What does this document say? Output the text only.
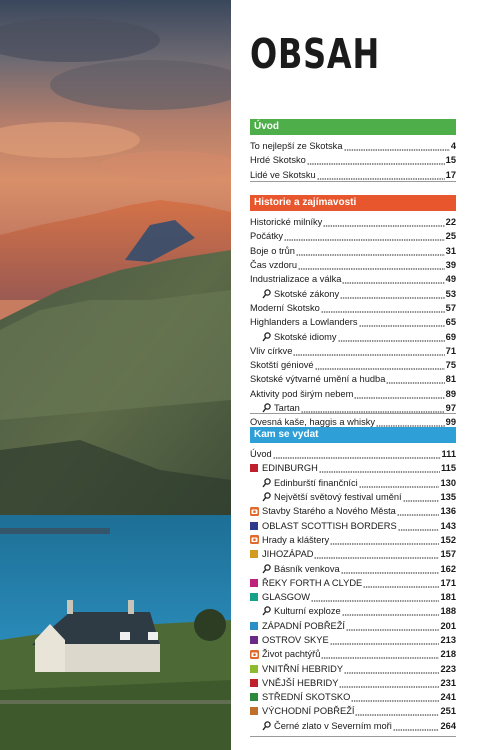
OBSAH
Úvod
To nejlepší ze Skotska	4
Hrdé Skotsko	15
Lidé ve Skotsku	17
Historie a zajímavosti
Historické milníky	22
Počátky	25
Boje o trůn	31
Čas vzdoru	39
Industrializace a válka	49
Skotské zákony	53
Moderní Skotsko	57
Highlanders a Lowlanders	65
Skotské idiomy	69
Vliv církve	71
Skotští géniové	75
Skotské výtvarné umění a hudba	81
Aktivity pod širým nebem	89
Tartan	97
Ovesná kaše, haggis a whisky	99
Kam se vydat
Úvod	111
EDINBURGH	115
Edinburští finančníci	130
Největší světový festival umění	135
Stavby Starého a Nového Města	136
OBLAST SCOTTISH BORDERS	143
Hrady a kláštery	152
JIHOZÁPAD	157
Básník venkova	162
ŘEKY FORTH A CLYDE	171
GLASGOW	181
Kulturní exploze	188
ZÁPADNÍ POBŘEŽÍ	201
OSTROV SKYE	213
Život pachtýřů	218
VNITŘNÍ HEBRIDY	223
VNĚJŠÍ HEBRIDY	231
STŘEDNÍ SKOTSKO	241
VÝCHODNÍ POBŘEŽÍ	251
Černé zlato v Severním moři	264
